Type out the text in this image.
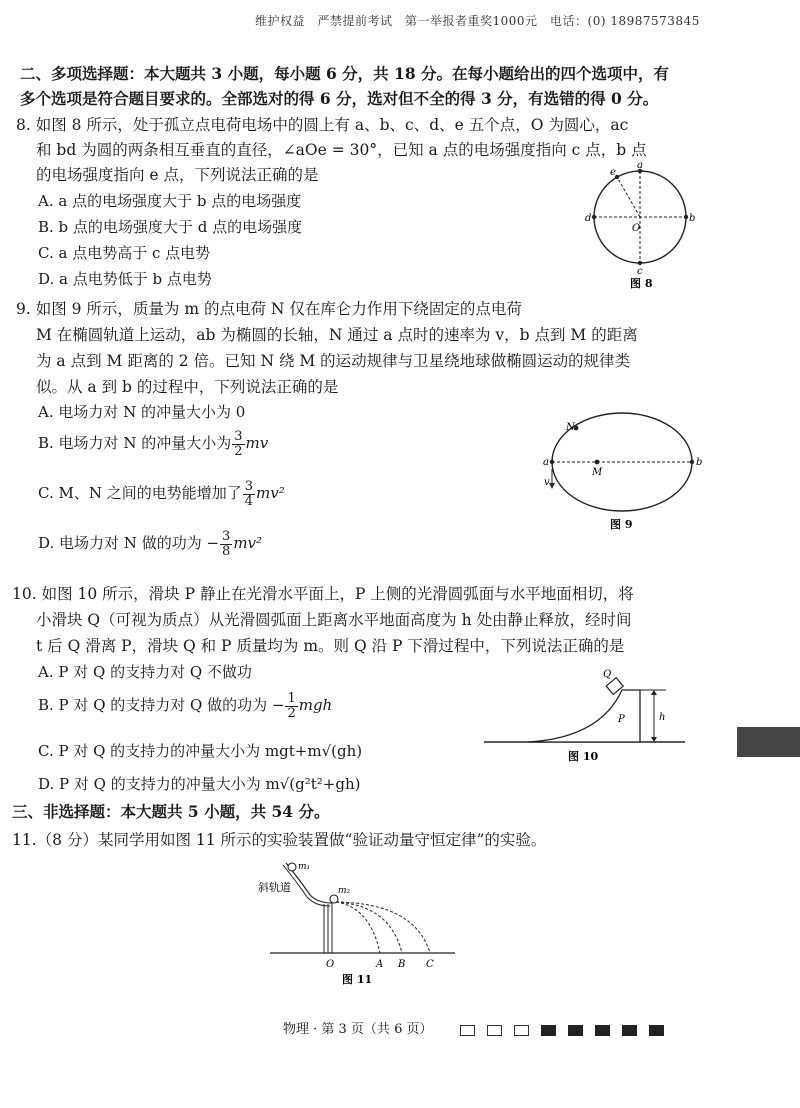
维护权益　严禁提前考试　第一举报者重奖1000元　电话：(0) 18987573845
二、多项选择题：本大题共 3 小题，每小题 6 分，共 18 分。在每小题给出的四个选项中，有
多个选项是符合题目要求的。全部选对的得 6 分，选对但不全的得 3 分，有选错的得 0 分。
8. 如图 8 所示，处于孤立点电荷电场中的圆上有 a、b、c、d、e 五个点，O 为圆心，ac
和 bd 为圆的两条相互垂直的直径，∠aOe = 30°，已知 a 点的电场强度指向 c 点，b 点
的电场强度指向 e 点，下列说法正确的是
A. a 点的电场强度大于 b 点的电场强度
B. b 点的电场强度大于 d 点的电场强度
C. a 点电势高于 c 点电势
D. a 点电势低于 b 点电势
a
b
c
d
e
O
图 8
9. 如图 9 所示，质量为 m 的点电荷 N 仅在库仑力作用下绕固定的点电荷
M 在椭圆轨道上运动，ab 为椭圆的长轴，N 通过 a 点时的速率为 v，b 点到 M 的距离
为 a 点到 M 距离的 2 倍。已知 N 绕 M 的运动规律与卫星绕地球做椭圆运动的规律类
似。从 a 到 b 的过程中，下列说法正确的是
A. 电场力对 N 的冲量大小为 0
B. 电场力对 N 的冲量大小为 $\frac{3}{2}$ mv
C. M、N 之间的电势能增加了 $\frac{3}{4} mv^2$
D. 电场力对 N 做的功为 − $\frac{3}{8} mv^2$
N
a	b
M
v
图 9
10. 如图 10 所示，滑块 P 静止在光滑水平面上，P 上侧的光滑圆弧面与水平地面相切，将
小滑块 Q（可视为质点）从光滑圆弧面上距离水平地面高度为 h 处由静止释放，经时间
t 后 Q 滑离 P，滑块 Q 和 P 质量均为 m。则 Q 沿 P 下滑过程中，下列说法正确的是
A. P 对 Q 的支持力对 Q 不做功
B. P 对 Q 的支持力对 Q 做的功为 − $\frac{1}{2}$ mgh
C. P 对 Q 的支持力的冲量大小为 mgt+m√(gh)
D. P 对 Q 的支持力的冲量大小为 m√(g²t²+gh)
Q
P	h
图 10
三、非选择题：本大题共 5 小题，共 54 分。
11.（8 分）某同学用如图 11 所示的实验装置做“验证动量守恒定律”的实验。
m₁
m₂
斜轨道
O	A B C
图 11
物理 · 第 3 页（共 6 页）
